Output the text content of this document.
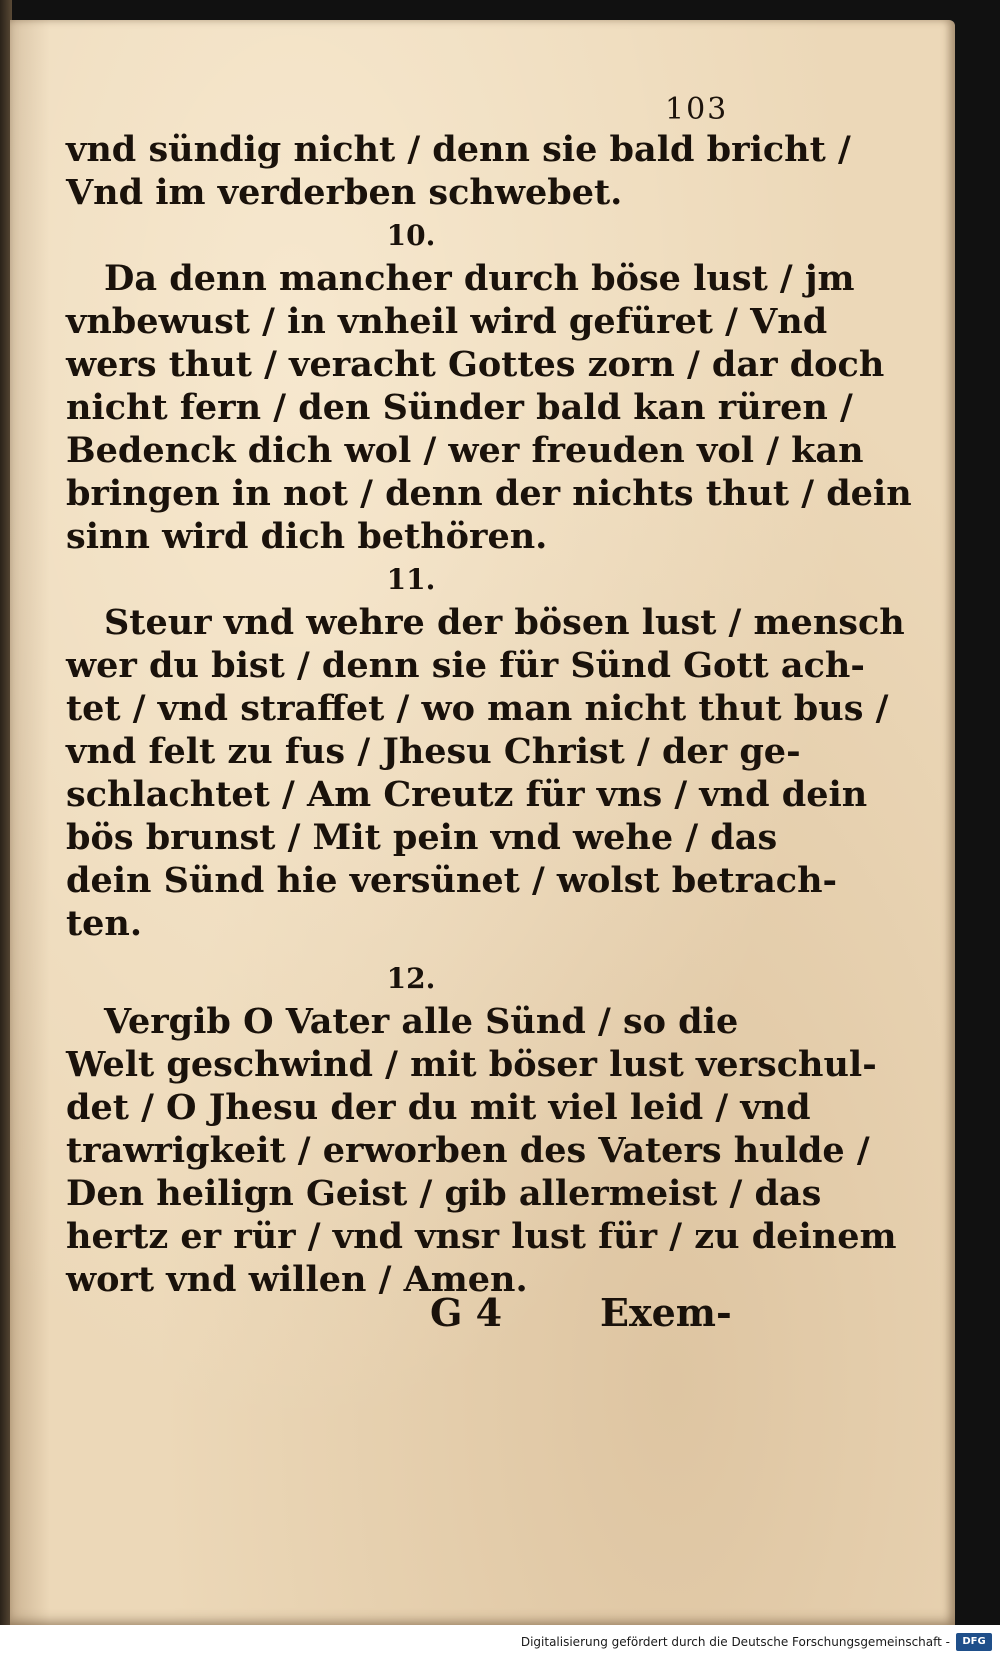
103
vnd sündig nicht / denn sie bald bricht /
Vnd im verderben schwebet.
10.
Da denn mancher durch böse lust / jm
vnbewust / in vnheil wird gefüret / Vnd
wers thut / veracht Gottes zorn / dar doch
nicht fern / den Sünder bald kan rüren /
Bedenck dich wol / wer freuden vol / kan
bringen in not / denn der nichts thut / dein
sinn wird dich bethören.
11.
Steur vnd wehre der bösen lust / mensch
wer du bist / denn sie für Sünd Gott ach-
tet / vnd straffet / wo man nicht thut bus /
vnd felt zu fus / Jhesu Christ / der ge-
schlachtet / Am Creutz für vns / vnd dein
bös brunst / Mit pein vnd wehe / das
dein Sünd hie versünet / wolst betrach-
ten.
12.
Vergib O Vater alle Sünd / so die
Welt geschwind / mit böser lust verschul-
det / O Jhesu der du mit viel leid / vnd
trawrigkeit / erworben des Vaters hulde /
Den heilign Geist / gib allermeist / das
hertz er rür / vnd vnsr lust für / zu deinem
wort vnd willen / Amen.
G 4	Exem-
Digitalisierung gefördert durch die Deutsche Forschungsgemeinschaft -	DFG
